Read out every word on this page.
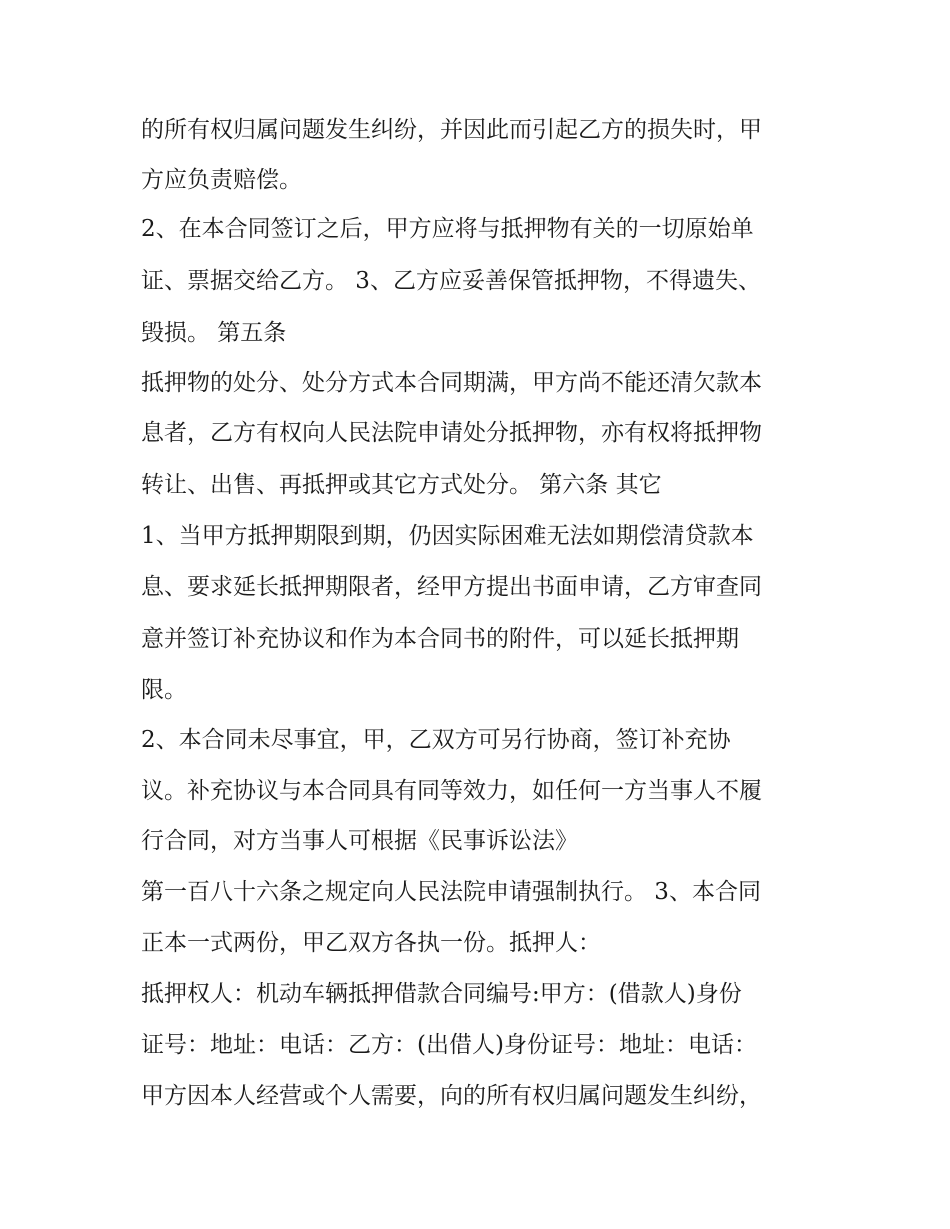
的所有权归属问题发生纠纷，并因此而引起乙方的损失时，甲
方应负责赔偿。
2、在本合同签订之后，甲方应将与抵押物有关的一切原始单
证、票据交给乙方。 3、乙方应妥善保管抵押物，不得遗失、
毁损。 第五条
抵押物的处分、处分方式本合同期满，甲方尚不能还清欠款本
息者，乙方有权向人民法院申请处分抵押物，亦有权将抵押物
转让、出售、再抵押或其它方式处分。 第六条 其它
1、当甲方抵押期限到期，仍因实际困难无法如期偿清贷款本
息、要求延长抵押期限者，经甲方提出书面申请，乙方审查同
意并签订补充协议和作为本合同书的附件，可以延长抵押期
限。
2、本合同未尽事宜，甲，乙双方可另行协商，签订补充协
议。补充协议与本合同具有同等效力，如任何一方当事人不履
行合同，对方当事人可根据《民事诉讼法》
第一百八十六条之规定向人民法院申请强制执行。 3、本合同
正本一式两份，甲乙双方各执一份。抵押人：
抵押权人：机动车辆抵押借款合同编号:甲方：(借款人)身份
证号：地址：电话：乙方：(出借人)身份证号：地址：电话：
甲方因本人经营或个人需要，向的所有权归属问题发生纠纷，
